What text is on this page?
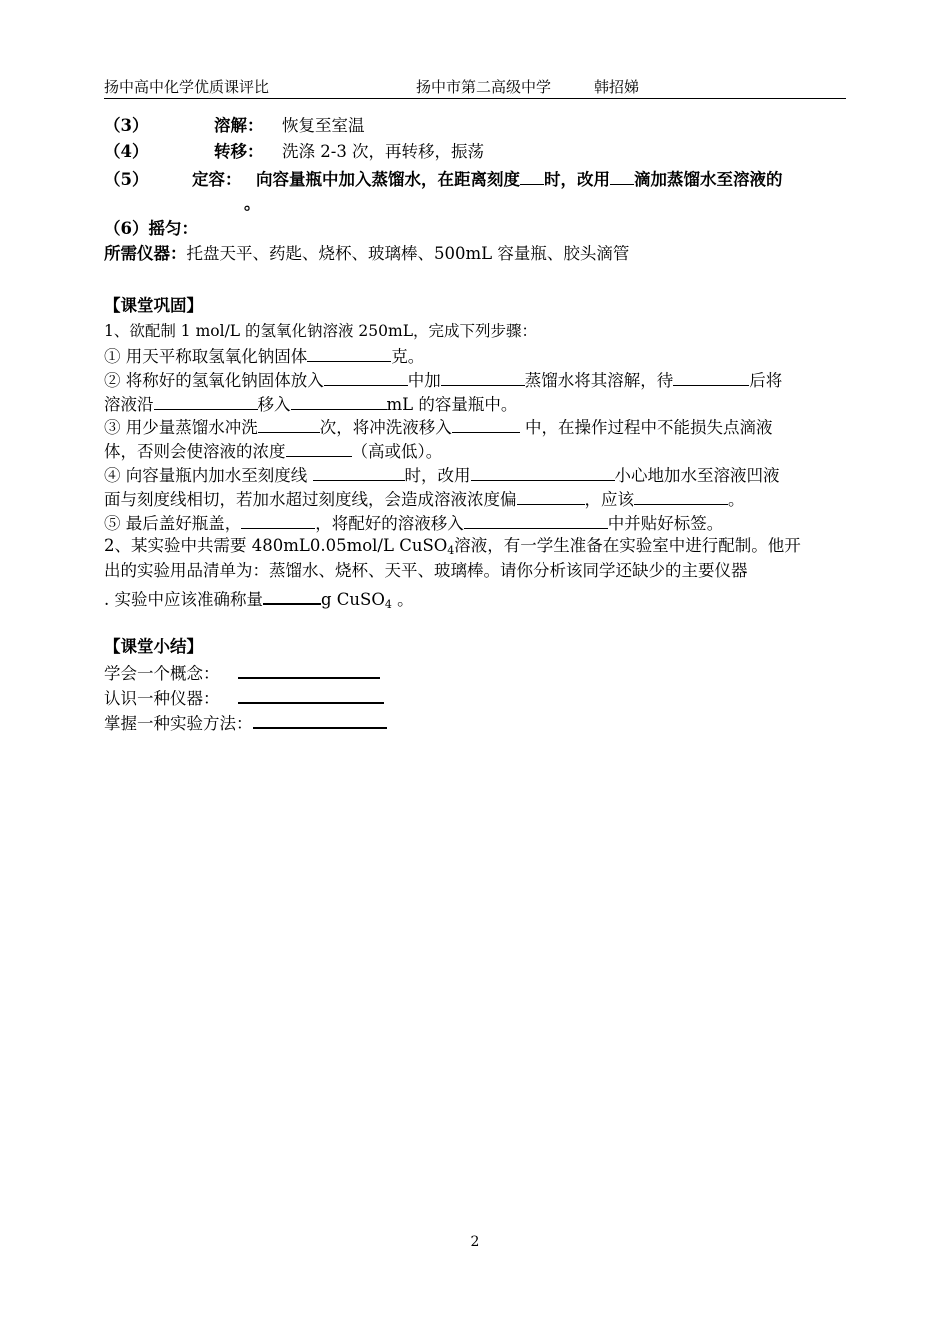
扬中高中化学优质课评比	扬中市第二高级中学	韩招娣
（3）	溶解： 恢复至室温
（4）	转移： 洗涤 2-3 次，再转移，振荡
（5）	定容： 向容量瓶中加入蒸馏水，在距离刻度 时，改用 滴加蒸馏水至溶液的
。
（6）摇匀：
所需仪器：托盘天平、药匙、烧杯、玻璃棒、500mL 容量瓶、胶头滴管
【课堂巩固】
1、欲配制 1 mol/L 的氢氧化钠溶液 250mL，完成下列步骤：
① 用天平称取氢氧化钠固体	克。
② 将称好的氢氧化钠固体放入	中加	蒸馏水将其溶解，待	后将
溶液沿	移入	mL 的容量瓶中。
③ 用少量蒸馏水冲洗	次，将冲洗液移入	中，在操作过程中不能损失点滴液
体，否则会使溶液的浓度	（高或低）。
④ 向容量瓶内加水至刻度线	时，改用	小心地加水至溶液凹液
面与刻度线相切，若加水超过刻度线，会造成溶液浓度偏	，应该	。
⑤ 最后盖好瓶盖，	，将配好的溶液移入	中并贴好标签。
2、某实验中共需要 480mL0.05mol/L CuSO$_4$溶液，有一学生准备在实验室中进行配制。他开
出的实验用品清单为：蒸馏水、烧杯、天平、玻璃棒。请你分析该同学还缺少的主要仪器
. 实验中应该准确称量	g CuSO$_4$ 。
【课堂小结】
学会一个概念：
认识一种仪器：
掌握一种实验方法：
2
